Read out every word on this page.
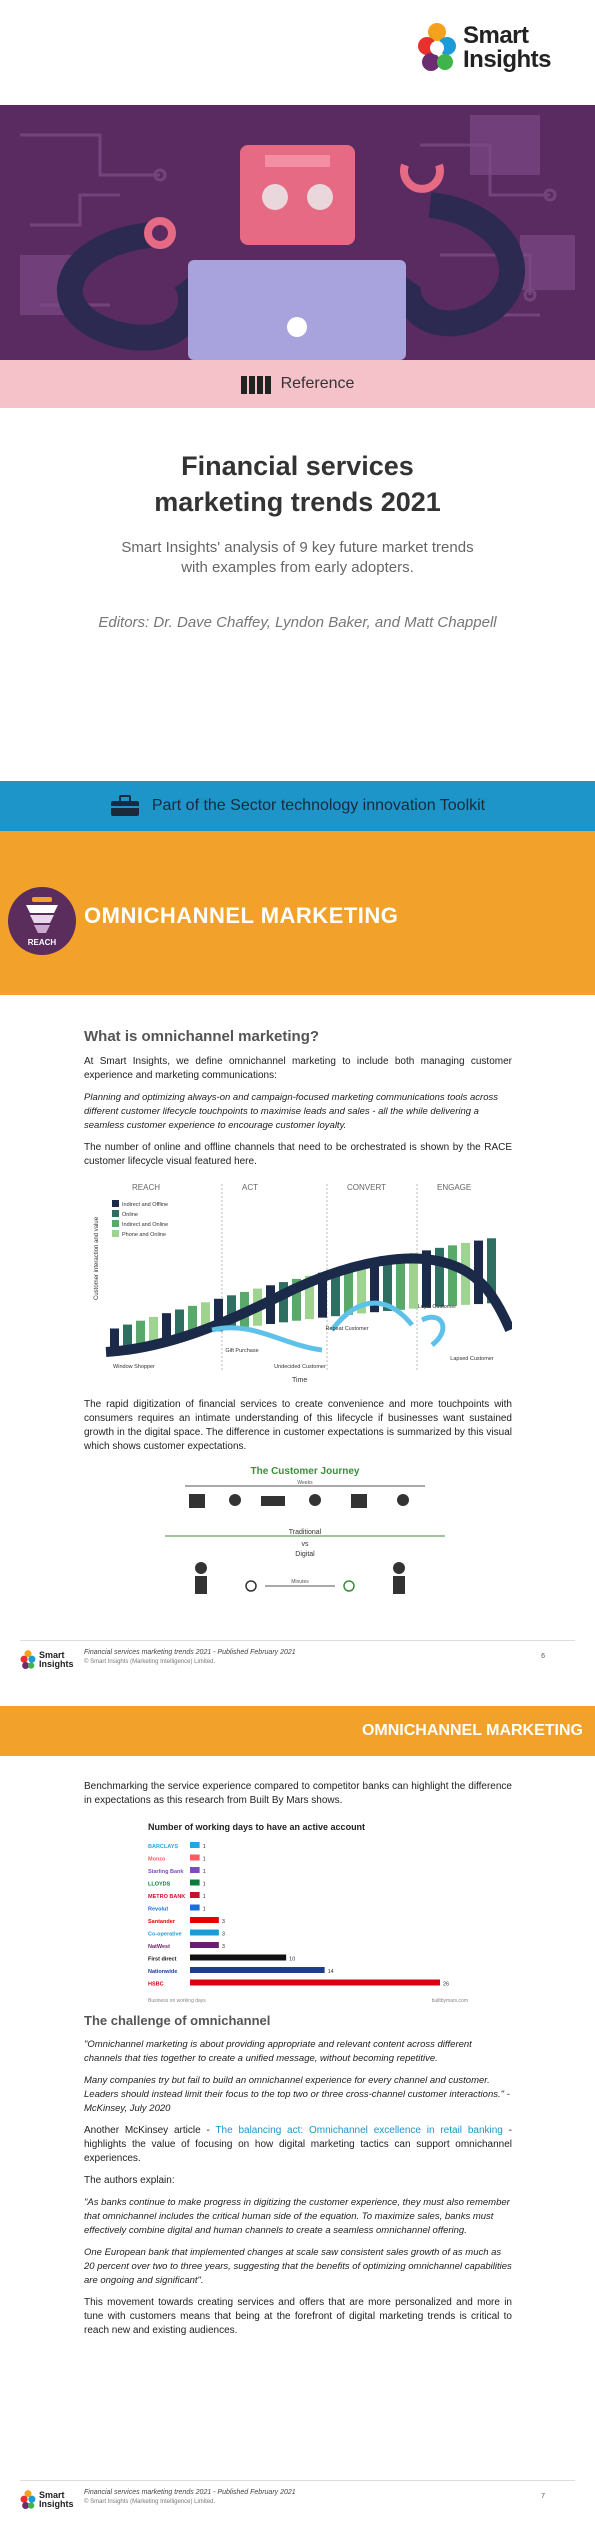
Smart
Insights
Reference
Financial services marketing trends 2021

Smart Insights' analysis of 9 key future market trends with examples from early adopters.

Editors: Dr. Dave Chaffey, Lyndon Baker, and Matt Chappell

Part of the Sector technology innovation Toolkit
REACH
OMNICHANNEL MARKETING
What is omnichannel marketing?

At Smart Insights, we define omnichannel marketing to include both managing customer experience and marketing communications:

Planning and optimizing always-on and campaign-focused marketing communications tools across different customer lifecycle touchpoints to maximise leads and sales - all the while delivering a seamless customer experience to encourage customer loyalty.

The number of online and offline channels that need to be orchestrated is shown by the RACE customer lifecycle visual featured here.

REACH	ACT	CONVERT	ENGAGE
Indirect and Offline
Online
Indirect and Online
Phone and Online
Customer interaction and value
Time
Window Shopper
Gift Purchase
Repeat Customer
Loyal Customer
Lapsed Customer
Undecided Customer

The rapid digitization of financial services to create convenience and more touchpoints with consumers requires an intimate understanding of this lifecycle if businesses want sustained growth in the digital space. The difference in customer expectations is summarized by this visual which shows customer expectations.

The Customer Journey
Weeks
Traditional
vs
Digital
Minutes
Smart
Insights
Financial services marketing trends 2021 - Published February 2021
© Smart Insights (Marketing Intelligence) Limited.
6
OMNICHANNEL MARKETING

Benchmarking the service experience compared to competitor banks can highlight the difference in expectations as this research from Built By Mars shows.

Number of working days to have an active account
BARCLAYS	1
Monzo	1
Starling Bank	1
LLOYDS	1
METRO BANK	1
Revolut	1
Santander	3
Co-operative	3
NatWest	3
First direct	10
Nationwide	14
HSBC	26
Business on working days	builtbymars.com
The challenge of omnichannel

"Omnichannel marketing is about providing appropriate and relevant content across different channels that ties together to create a unified message, without becoming repetitive.

Many companies try but fail to build an omnichannel experience for every channel and customer. Leaders should instead limit their focus to the top two or three cross-channel customer interactions." - McKinsey, July 2020

Another McKinsey article - The balancing act: Omnichannel excellence in retail banking - highlights the value of focusing on how digital marketing tactics can support omnichannel experiences.

The authors explain:

"As banks continue to make progress in digitizing the customer experience, they must also remember that omnichannel includes the critical human side of the equation. To maximize sales, banks must effectively combine digital and human channels to create a seamless omnichannel offering.

One European bank that implemented changes at scale saw consistent sales growth of as much as 20 percent over two to three years, suggesting that the benefits of optimizing omnichannel capabilities are ongoing and significant".

This movement towards creating services and offers that are more personalized and more in tune with customers means that being at the forefront of digital marketing trends is critical to reach new and existing audiences.

Smart
Insights
Financial services marketing trends 2021 - Published February 2021
© Smart Insights (Marketing Intelligence) Limited.
7
